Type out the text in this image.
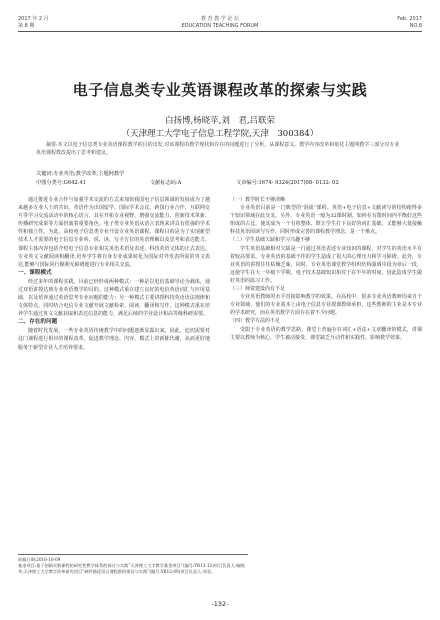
2017 年 2 月
第 8 期
教 育 教 学 论 坛
EDUCATION TEACHING FORUM
Feb. 2017
NO.8
电子信息类专业英语课程改革的探索与实践
白扬博,杨晓苹,刘　君,吕联荣
（天津理工大学电子信息工程学院,天津　300384）
摘要:本文以电子信息类专业英语课程教学的目的出发,对该课程的教学现状和存在的问题进行了分析，从课程意义、教学内容改革和依托主题网教学三部分对专业英语课程教改提出了思考和建议。
关键词:专业英语;教学改革;主题网教学
中图分类号:G642.41	文献标志码:A	文章编号:1674- 9324(2017)08- 0132- 02

通过推进专业合作与加强学术交流的方式来加快我国电子信息领域的发展成为了越来越多专业人士的共识。英语作为出国留学、国际学术会议、跨国行业合作、互联网交互等学习交流活动中的核心语言，其在开拓专业视野、增强交流能力、创新技术革新、传播研究成果等方面扮演着重要角色。电子类专业英语从语言表现来讲具有很强的学术性和独立性。为此，高校电子信息类专业开设专业英语课程。课程目的是为了实现新型技术人才需要的电子信息专业听、说、读、写全方位的英语理解以及思考和表达能力。课程主体内容包括介绍电子信息专业相关英语术语及表述、科技英语文体的正式表达、专业英文文献阅读和翻译,培养学生将自身专业成果转化为国际对外发表所需的英文表达,能够与国际同行顺利无障碍地进行专业相关交流。

一、课程模式

经过多年的课程实践，目前已经形成两种模式：一种是以电信基础导论为载体，通过双语讲授达到专业英语教学的目的。这种模式重在建立良好的电信英语词汇与应用基础，以及培养通过英语思考专业问题的能力；另一种模式主要讲授科技英语语法规律和文体特点，同时结合电信专业文献开展文献检索、阅读、翻译和写作。这种模式重在培养学生通过英文文献获取和表达信息的能力，满足后续的学业设计和高等级科研需要。

二、存在的问题

随着时代发展，一些专业英语传统教学中的问题逐渐显露出来。因此，迫切需要对这门课程进行相应的课程改革，促进教学理念、内容、模式上的新陈代谢，从而更好地服务于新型专业人才培养要求。

（一）教学时长不够清晰

专业英语目前是一门典型的“混血”课程。英语+电子信息+文献读写的结构使得多个知识领域在此交叉。另外，专业英语一般为32课时制。如何在有限时间内平衡好这些组成的占比，使其成为一个有机整体，既让学生打下良好的词汇基础，又能够大量接触科技英语阅读与写作，同时形成完善的课程教学理念，是一个难点。

（二）学生基础欠缺和学习兴趣不够

学生英语基础相对欠缺是一门通过英语表述专业知识的课程，对学生的英语水平有着较高要求。专业英语的基础不佳的学生造成了很大的心理压力和学习障碍。此外，专业英语的讲授往往枯燥乏味，同时，专业英语课堂教学组织结构强调中段为章后一段，这使学生在大一年级下学期，电子技术基础知识相对于在半年的时间，因此造成学生做好英语的温习工作。

（三）师资建设尚有不足

专业英语教师的水平直接影响教学的效果。在高校中，很多专业英语教师均来自于专业领域，他们的专业基本上由电子信息专业授课教师承担，这些教师的主业是本专业的学术研究，而在英语教学方面存在着不少问题。

（四）教学方法的不足

受限于专业英语的教学思路，课堂上普遍存在词汇+语法+文章翻译的模式，讲课主要以教师为核心，学生被动接受，课堂缺乏互动性和实践性，影响教学效果。

收稿日期:2016-10-09
基金项目:基于创新实践课程的研究性教学体系的探讨与实践“天津理工大学教学基金项目”(编号:YB13-12)项目负责人:杨晓苹;天津理工大学教学改革研究项目“硬件描述语言课程群的建设与实践”(编号:YB12-09)项目负责人:刘君。
-132-
